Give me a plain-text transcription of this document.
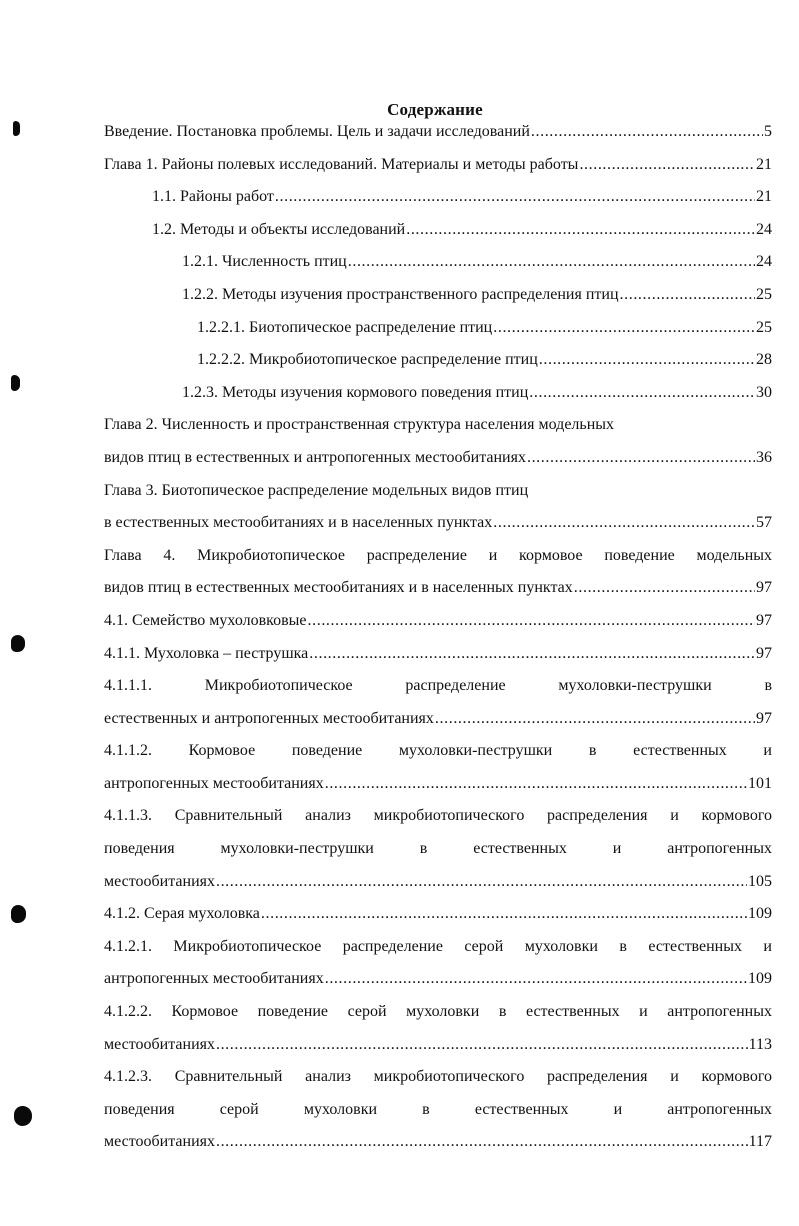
Содержание
Введение. Постановка проблемы. Цель и задачи исследований .....	5
Глава 1. Районы полевых исследований. Материалы и методы работы .....	21
1.1. Районы работ .....	21
1.2. Методы и объекты исследований .....	24
1.2.1. Численность птиц .....	24
1.2.2. Методы изучения пространственного распределения птиц .....	25
1.2.2.1. Биотопическое распределение птиц .....	25
1.2.2.2. Микробиотопическое распределение птиц .....	28
1.2.3. Методы изучения кормового поведения птиц .....	30
Глава 2. Численность и пространственная структура населения модельных
видов птиц в естественных и антропогенных местообитаниях .....	36
Глава 3. Биотопическое распределение модельных видов птиц
в естественных местообитаниях и в населенных пунктах .....	57
Глава 4. Микробиотопическое распределение и кормовое поведение модельных
видов птиц в естественных местообитаниях и в населенных пунктах .....	97
4.1. Семейство мухоловковые .....	97
4.1.1. Мухоловка – пеструшка .....	97
4.1.1.1. Микробиотопическое распределение мухоловки-пеструшки в
естественных и антропогенных местообитаниях .....	97
4.1.1.2. Кормовое поведение мухоловки-пеструшки в естественных и
антропогенных местообитаниях .....	101
4.1.1.3. Сравнительный анализ микробиотопического распределения и кормового
поведения мухоловки-пеструшки в естественных и антропогенных
местообитаниях .....	105
4.1.2. Серая мухоловка .....	109
4.1.2.1. Микробиотопическое распределение серой мухоловки в естественных и
антропогенных местообитаниях .....	109
4.1.2.2. Кормовое поведение серой мухоловки в естественных и антропогенных
местообитаниях .....	113
4.1.2.3. Сравнительный анализ микробиотопического распределения и кормового
поведения серой мухоловки в естественных и антропогенных
местообитаниях .....	117
